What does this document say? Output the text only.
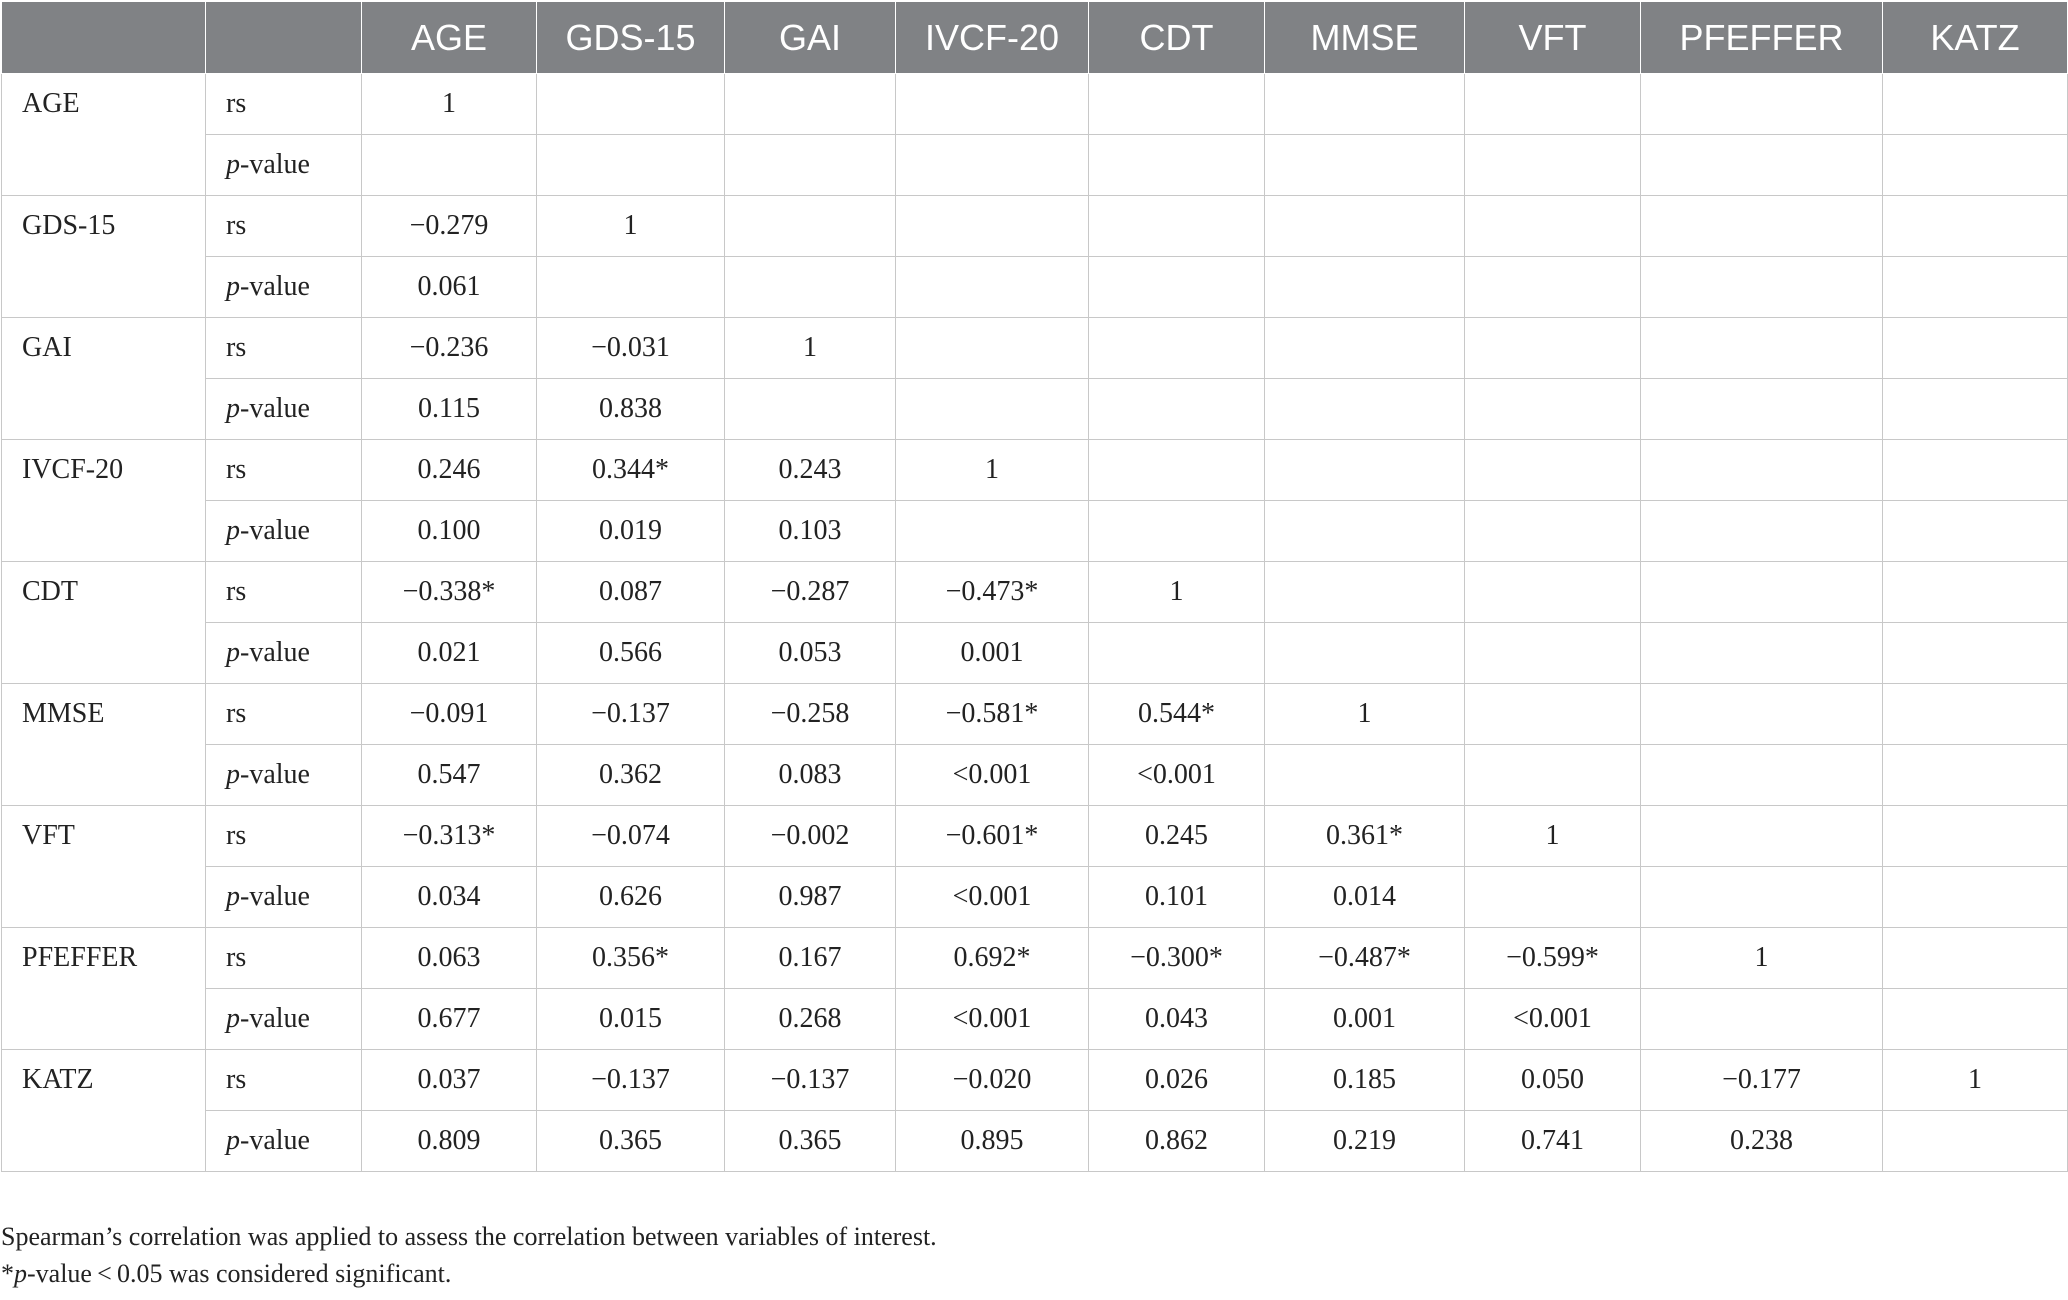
		AGE	GDS-15	GAI	IVCF-20	CDT	MMSE	VFT	PFEFFER	KATZ
AGE	rs	1								
	p-value									
GDS-15	rs	−0.279	1							
	p-value	0.061								
GAI	rs	−0.236	−0.031	1						
	p-value	0.115	0.838							
IVCF-20	rs	0.246	0.344*	0.243	1					
	p-value	0.100	0.019	0.103						
CDT	rs	−0.338*	0.087	−0.287	−0.473*	1				
	p-value	0.021	0.566	0.053	0.001					
MMSE	rs	−0.091	−0.137	−0.258	−0.581*	0.544*	1			
	p-value	0.547	0.362	0.083	<0.001	<0.001				
VFT	rs	−0.313*	−0.074	−0.002	−0.601*	0.245	0.361*	1		
	p-value	0.034	0.626	0.987	<0.001	0.101	0.014			
PFEFFER	rs	0.063	0.356*	0.167	0.692*	−0.300*	−0.487*	−0.599*	1	
	p-value	0.677	0.015	0.268	<0.001	0.043	0.001	<0.001		
KATZ	rs	0.037	−0.137	−0.137	−0.020	0.026	0.185	0.050	−0.177	1
	p-value	0.809	0.365	0.365	0.895	0.862	0.219	0.741	0.238	
Spearman’s correlation was applied to assess the correlation between variables of interest.
*p-value < 0.05 was considered significant.
